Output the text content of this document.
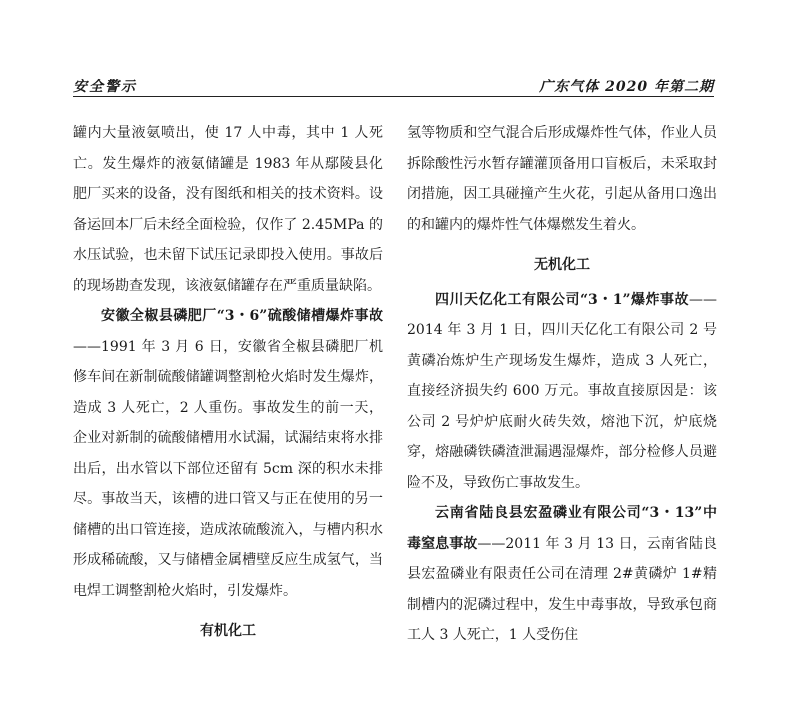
安全警示	广东气体 2020 年第二期

罐内大量液氨喷出，使 17 人中毒，其中 1 人死亡。发生爆炸的液氨储罐是 1983 年从鄢陵县化肥厂买来的设备，没有图纸和相关的技术资料。设备运回本厂后未经全面检验，仅作了 2.45MPa 的水压试验，也未留下试压记录即投入使用。事故后的现场勘查发现，该液氨储罐存在严重质量缺陷。

安徽全椒县磷肥厂“3・6”硫酸储槽爆炸事故——1991 年 3 月 6 日，安徽省全椒县磷肥厂机修车间在新制硫酸储罐调整割枪火焰时发生爆炸，造成 3 人死亡，2 人重伤。事故发生的前一天，企业对新制的硫酸储槽用水试漏，试漏结束将水排出后，出水管以下部位还留有 5cm 深的积水未排尽。事故当天，该槽的进口管又与正在使用的另一储槽的出口管连接，造成浓硫酸流入，与槽内积水形成稀硫酸，又与储槽金属槽壁反应生成氢气，当电焊工调整割枪火焰时，引发爆炸。

有机化工

氢等物质和空气混合后形成爆炸性气体，作业人员拆除酸性污水暂存罐灌顶备用口盲板后，未采取封闭措施，因工具碰撞产生火花，引起从备用口逸出的和罐内的爆炸性气体爆燃发生着火。

无机化工

四川天亿化工有限公司“3・1”爆炸事故——2014 年 3 月 1 日，四川天亿化工有限公司 2 号黄磷冶炼炉生产现场发生爆炸，造成 3 人死亡，直接经济损失约 600 万元。事故直接原因是：该公司 2 号炉炉底耐火砖失效，熔池下沉，炉底烧穿，熔融磷铁磷渣泄漏遇湿爆炸，部分检修人员避险不及，导致伤亡事故发生。

云南省陆良县宏盈磷业有限公司“3・13”中毒窒息事故——2011 年 3 月 13 日，云南省陆良县宏盈磷业有限责任公司在清理 2#黄磷炉 1#精制槽内的泥磷过程中，发生中毒事故，导致承包商工人 3 人死亡，1 人受伤住
